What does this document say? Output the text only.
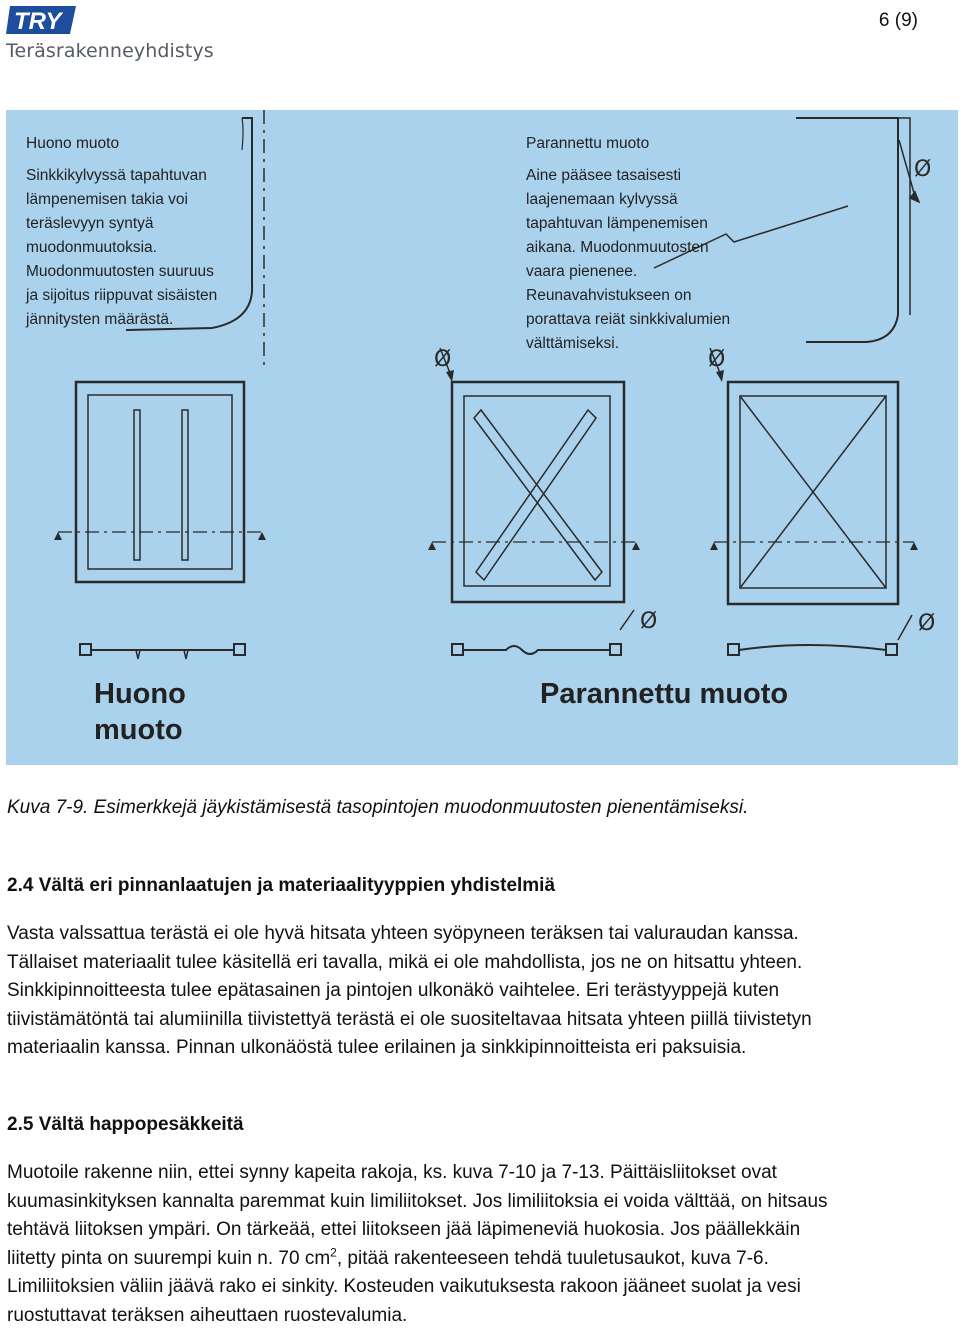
TRY
Teräsrakenneyhdistys
6 (9)
Ø	Ø
Ø	Ø
Ø
Huono muoto
Sinkkikylvyssä tapahtuvan
lämpenemisen takia voi
teräslevyyn syntyä
muodonmuutoksia.
Muodonmuutosten suuruus
ja sijoitus riippuvat sisäisten
jännitysten määrästä.
Parannettu muoto
Aine pääsee tasaisesti
laajenemaan kylvyssä
tapahtuvan lämpenemisen
aikana. Muodonmuutosten
vaara pienenee.
Reunavahvistukseen on
porattava reiät sinkkivalumien
välttämiseksi.
Huono
muoto
Parannettu muoto
Kuva 7-9. Esimerkkejä jäykistämisestä tasopintojen muodonmuutosten pienentämiseksi.
2.4 Vältä eri pinnanlaatujen ja materiaalityyppien yhdistelmiä
Vasta valssattua terästä ei ole hyvä hitsata yhteen syöpyneen teräksen tai valuraudan kanssa.
Tällaiset materiaalit tulee käsitellä eri tavalla, mikä ei ole mahdollista, jos ne on hitsattu yhteen.
Sinkkipinnoitteesta tulee epätasainen ja pintojen ulkonäkö vaihtelee. Eri terästyyppejä kuten
tiivistämätöntä tai alumiinilla tiivistettyä terästä ei ole suositeltavaa hitsata yhteen piillä tiivistetyn
materiaalin kanssa. Pinnan ulkonäöstä tulee erilainen ja sinkkipinnoitteista eri paksuisia.
2.5 Vältä happopesäkkeitä
Muotoile rakenne niin, ettei synny kapeita rakoja, ks. kuva 7-10 ja 7-13. Päittäisliitokset ovat
kuumasinkityksen kannalta paremmat kuin limiliitokset. Jos limiliitoksia ei voida välttää, on hitsaus
tehtävä liitoksen ympäri. On tärkeää, ettei liitokseen jää läpimeneviä huokosia. Jos päällekkäin
liitetty pinta on suurempi kuin n. 70 $cm^2$, pitää rakenteeseen tehdä tuuletusaukot, kuva 7-6.
Limiliitoksien väliin jäävä rako ei sinkity. Kosteuden vaikutuksesta rakoon jääneet suolat ja vesi
ruostuttavat teräksen aiheuttaen ruostevalumia.
